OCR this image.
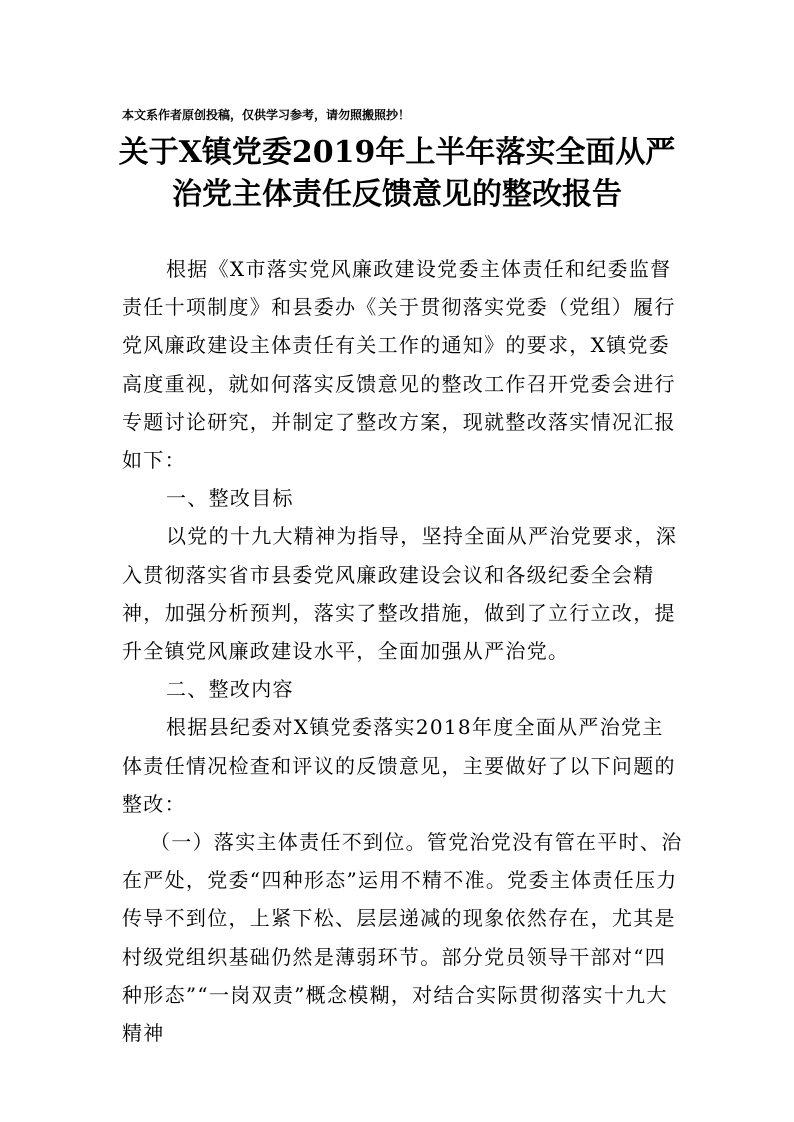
本文系作者原创投稿，仅供学习参考，请勿照搬照抄！
关于X镇党委2019年上半年落实全面从严
治党主体责任反馈意见的整改报告

根据《X市落实党风廉政建设党委主体责任和纪委监督责任十项制度》和县委办《关于贯彻落实党委（党组）履行党风廉政建设主体责任有关工作的通知》的要求，X镇党委高度重视，就如何落实反馈意见的整改工作召开党委会进行专题讨论研究，并制定了整改方案，现就整改落实情况汇报如下：

一、整改目标

以党的十九大精神为指导，坚持全面从严治党要求，深入贯彻落实省市县委党风廉政建设会议和各级纪委全会精神，加强分析预判，落实了整改措施，做到了立行立改，提升全镇党风廉政建设水平，全面加强从严治党。

二、整改内容

根据县纪委对X镇党委落实2018年度全面从严治党主体责任情况检查和评议的反馈意见，主要做好了以下问题的整改：

（一）落实主体责任不到位。管党治党没有管在平时、治在严处，党委“四种形态”运用不精不准。党委主体责任压力传导不到位，上紧下松、层层递减的现象依然存在，尤其是村级党组织基础仍然是薄弱环节。部分党员领导干部对“四种形态”“一岗双责”概念模糊，对结合实际贯彻落实十九大精神
